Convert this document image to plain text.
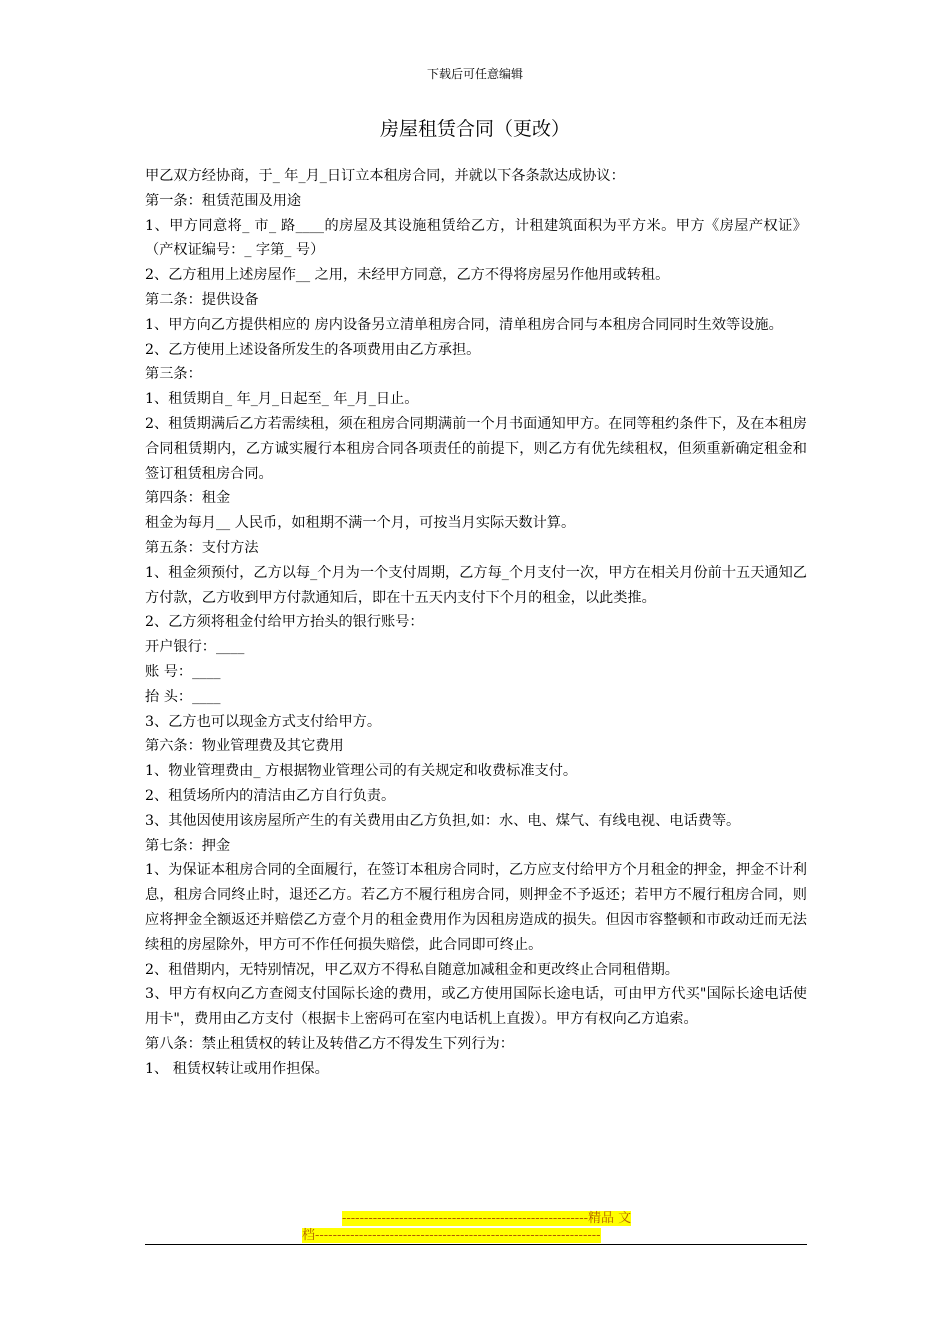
下载后可任意编辑
房屋租赁合同（更改）

甲乙双方经协商，于_ 年_月_日订立本租房合同，并就以下各条款达成协议：

第一条：租赁范围及用途

1、甲方同意将_ 市_ 路____的房屋及其设施租赁给乙方，计租建筑面积为平方米。甲方《房屋产权证》（产权证编号：_ 字第_ 号）

2、乙方租用上述房屋作__ 之用，未经甲方同意，乙方不得将房屋另作他用或转租。

第二条：提供设备

1、甲方向乙方提供相应的 房内设备另立清单租房合同，清单租房合同与本租房合同同时生效等设施。

2、乙方使用上述设备所发生的各项费用由乙方承担。

第三条：

1、租赁期自_ 年_月_日起至_ 年_月_日止。

2、租赁期满后乙方若需续租，须在租房合同期满前一个月书面通知甲方。在同等租约条件下，及在本租房合同租赁期内，乙方诚实履行本租房合同各项责任的前提下，则乙方有优先续租权，但须重新确定租金和签订租赁租房合同。

第四条：租金

租金为每月__ 人民币，如租期不满一个月，可按当月实际天数计算。

第五条：支付方法

1、租金须预付，乙方以每_个月为一个支付周期，乙方每_个月支付一次，甲方在相关月份前十五天通知乙方付款，乙方收到甲方付款通知后，即在十五天内支付下个月的租金，以此类推。

2、乙方须将租金付给甲方抬头的银行账号：

开户银行：____

账 号：____

抬 头：____

3、乙方也可以现金方式支付给甲方。

第六条：物业管理费及其它费用

1、物业管理费由_ 方根据物业管理公司的有关规定和收费标准支付。

2、租赁场所内的清洁由乙方自行负责。

3、其他因使用该房屋所产生的有关费用由乙方负担,如：水、电、煤气、有线电视、电话费等。

第七条：押金

1、为保证本租房合同的全面履行，在签订本租房合同时，乙方应支付给甲方个月租金的押金，押金不计利息，租房合同终止时，退还乙方。若乙方不履行租房合同，则押金不予返还；若甲方不履行租房合同，则应将押金全额返还并赔偿乙方壹个月的租金费用作为因租房造成的损失。但因市容整顿和市政动迁而无法续租的房屋除外，甲方可不作任何损失赔偿，此合同即可终止。

2、租借期内，无特别情况，甲乙双方不得私自随意加减租金和更改终止合同租借期。

3、甲方有权向乙方查阅支付国际长途的费用，或乙方使用国际长途电话，可由甲方代买"国际长途电话使用卡"，费用由乙方支付（根据卡上密码可在室内电话机上直拨）。甲方有权向乙方追索。

第八条：禁止租赁权的转让及转借乙方不得发生下列行为：

1、 租赁权转让或用作担保。

--------------------------------------------------------精品 文
档-----------------------------------------------------------------
